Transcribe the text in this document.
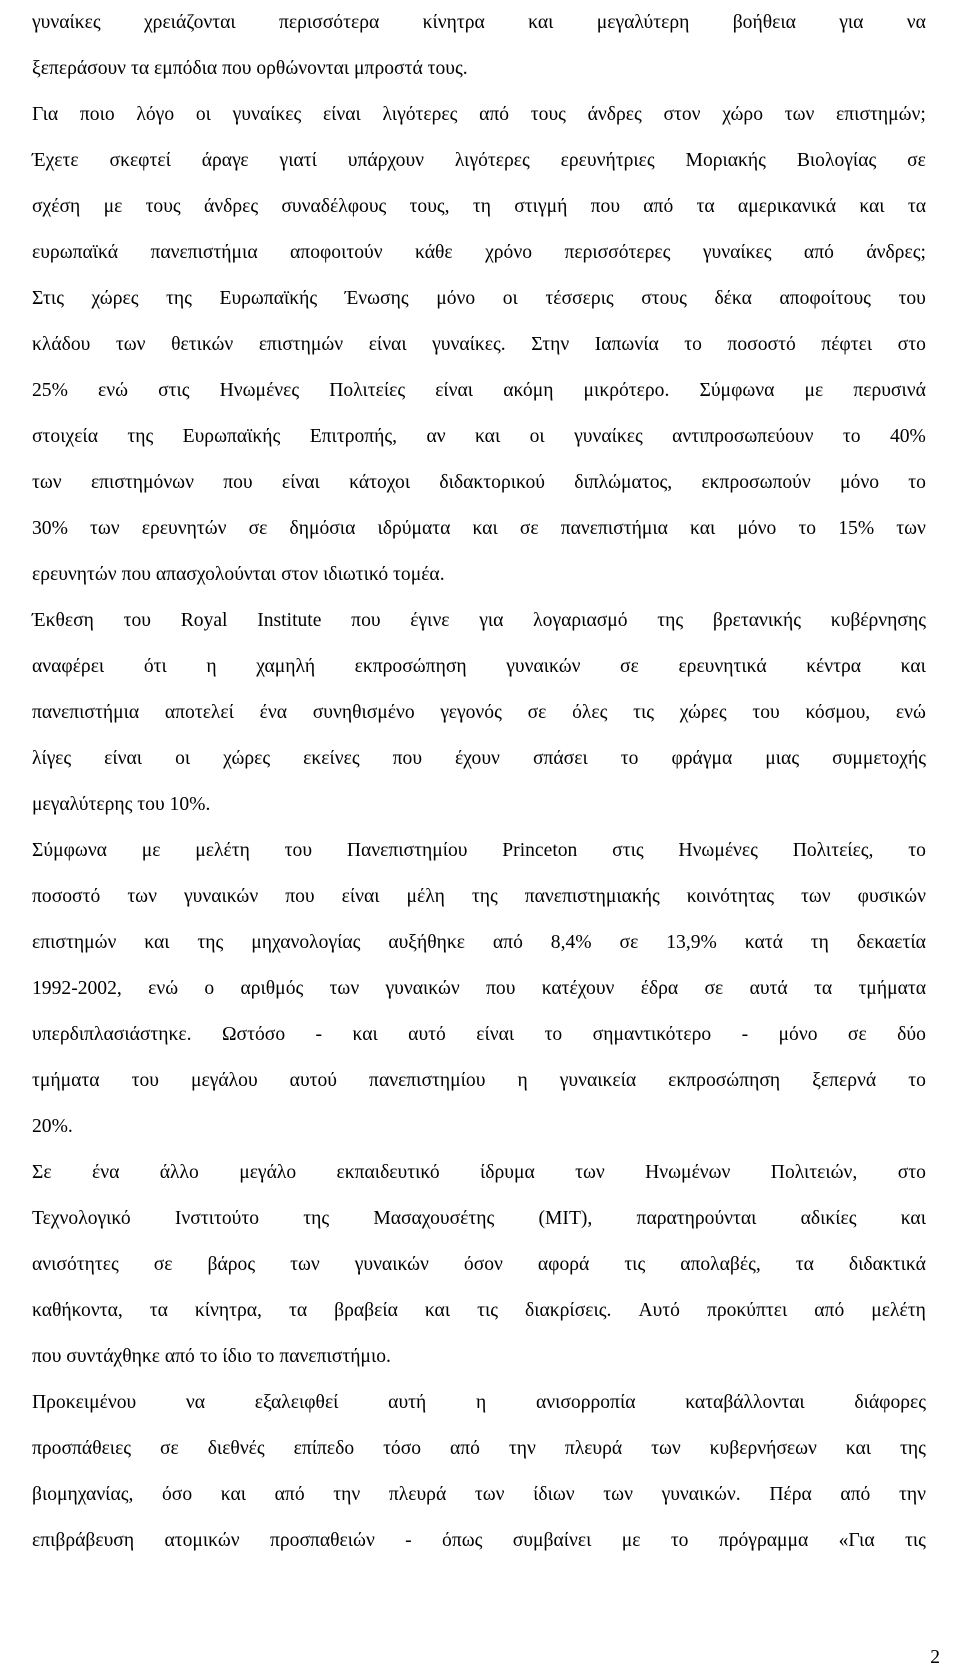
γυναίκες χρειάζονται περισσότερα κίνητρα και μεγαλύτερη βοήθεια για να
ξεπεράσουν τα εμπόδια που ορθώνονται μπροστά τους.
Για ποιο λόγο οι γυναίκες είναι λιγότερες από τους άνδρες στον χώρο των επιστημών;
Έχετε σκεφτεί άραγε γιατί υπάρχουν λιγότερες ερευνήτριες Μοριακής Βιολογίας σε
σχέση με τους άνδρες συναδέλφους τους, τη στιγμή που από τα αμερικανικά και τα
ευρωπαϊκά πανεπιστήμια αποφοιτούν κάθε χρόνο περισσότερες γυναίκες από άνδρες;
Στις χώρες της Ευρωπαϊκής Ένωσης μόνο οι τέσσερις στους δέκα αποφοίτους του
κλάδου των θετικών επιστημών είναι γυναίκες. Στην Ιαπωνία το ποσοστό πέφτει στο
25% ενώ στις Ηνωμένες Πολιτείες είναι ακόμη μικρότερο. Σύμφωνα με περυσινά
στοιχεία της Ευρωπαϊκής Επιτροπής, αν και οι γυναίκες αντιπροσωπεύουν το 40%
των επιστημόνων που είναι κάτοχοι διδακτορικού διπλώματος, εκπροσωπούν μόνο το
30% των ερευνητών σε δημόσια ιδρύματα και σε πανεπιστήμια και μόνο το 15% των
ερευνητών που απασχολούνται στον ιδιωτικό τομέα.
Έκθεση του Royal Institute που έγινε για λογαριασμό της βρετανικής κυβέρνησης
αναφέρει ότι η χαμηλή εκπροσώπηση γυναικών σε ερευνητικά κέντρα και
πανεπιστήμια αποτελεί ένα συνηθισμένο γεγονός σε όλες τις χώρες του κόσμου, ενώ
λίγες είναι οι χώρες εκείνες που έχουν σπάσει το φράγμα μιας συμμετοχής
μεγαλύτερης του 10%.
Σύμφωνα με μελέτη του Πανεπιστημίου Princeton στις Ηνωμένες Πολιτείες, το
ποσοστό των γυναικών που είναι μέλη της πανεπιστημιακής κοινότητας των φυσικών
επιστημών και της μηχανολογίας αυξήθηκε από 8,4% σε 13,9% κατά τη δεκαετία
1992-2002, ενώ ο αριθμός των γυναικών που κατέχουν έδρα σε αυτά τα τμήματα
υπερδιπλασιάστηκε. Ωστόσο - και αυτό είναι το σημαντικότερο - μόνο σε δύο
τμήματα του μεγάλου αυτού πανεπιστημίου η γυναικεία εκπροσώπηση ξεπερνά το
20%.
Σε ένα άλλο μεγάλο εκπαιδευτικό ίδρυμα των Ηνωμένων Πολιτειών, στο
Τεχνολογικό Ινστιτούτο της Μασαχουσέτης (ΜΙΤ), παρατηρούνται αδικίες και
ανισότητες σε βάρος των γυναικών όσον αφορά τις απολαβές, τα διδακτικά
καθήκοντα, τα κίνητρα, τα βραβεία και τις διακρίσεις. Αυτό προκύπτει από μελέτη
που συντάχθηκε από το ίδιο το πανεπιστήμιο.
Προκειμένου	να	εξαλειφθεί	αυτή	η	ανισορροπία	καταβάλλονται	διάφορες
προσπάθειες σε διεθνές επίπεδο τόσο από την πλευρά των κυβερνήσεων και της
βιομηχανίας, όσο και από την πλευρά των ίδιων των γυναικών. Πέρα από την
επιβράβευση ατομικών προσπαθειών - όπως συμβαίνει με το πρόγραμμα «Για τις
2
